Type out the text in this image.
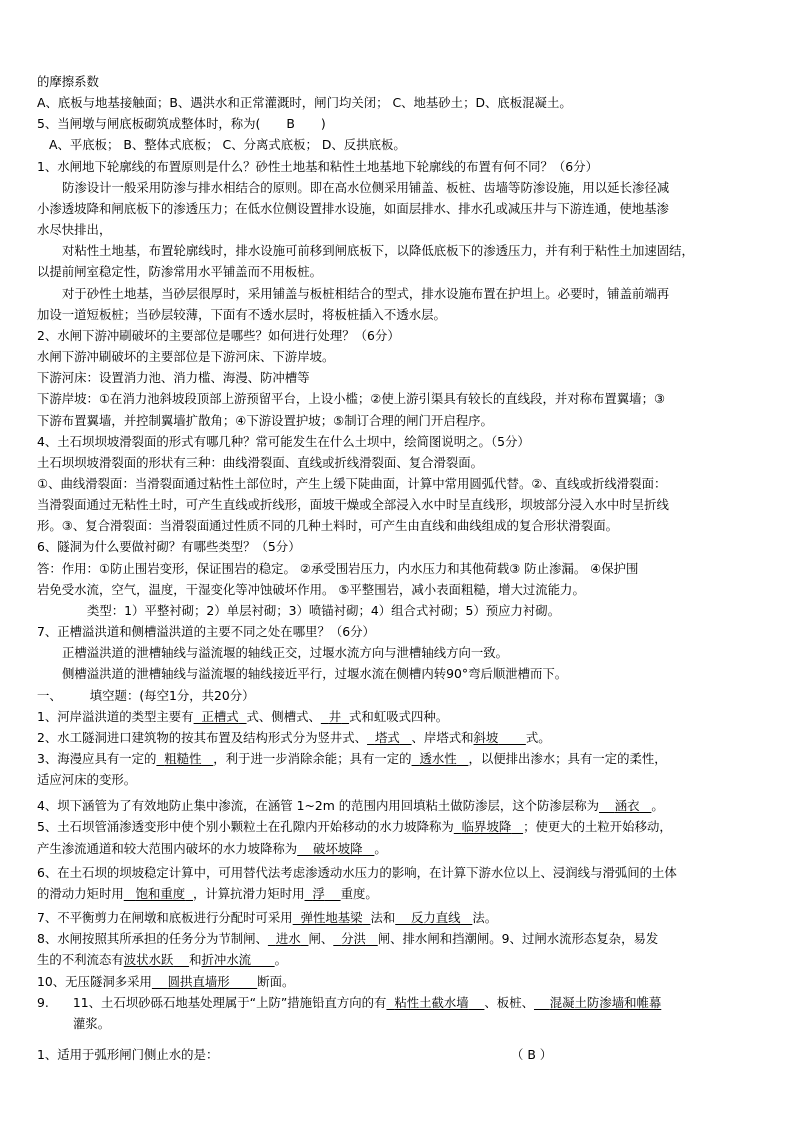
的摩擦系数
A、底板与地基接触面；B、遇洪水和正常灌溉时，闸门均关闭； C、地基砂土；D、底板混凝土。
5、当闸墩与闸底板砌筑成整体时，称为( B )
A、平底板； B、整体式底板； C、分离式底板； D、反拱底板。
1、水闸地下轮廓线的布置原则是什么？砂性土地基和粘性土地基地下轮廓线的布置有何不同？（6分）
防渗设计一般采用防渗与排水相结合的原则。即在高水位侧采用铺盖、板桩、齿墙等防渗设施，用以延长渗径减
小渗透坡降和闸底板下的渗透压力；在低水位侧设置排水设施，如面层排水、排水孔或减压井与下游连通，使地基渗
水尽快排出，
对粘性土地基，布置轮廓线时，排水设施可前移到闸底板下，以降低底板下的渗透压力，并有利于粘性土加速固结，
以提前闸室稳定性，防渗常用水平铺盖而不用板桩。
对于砂性土地基，当砂层很厚时，采用铺盖与板桩相结合的型式，排水设施布置在护坦上。必要时，铺盖前端再
加设一道短板桩；当砂层较薄，下面有不透水层时，将板桩插入不透水层。
2、水闸下游冲刷破坏的主要部位是哪些？如何进行处理？（6分）
水闸下游冲刷破坏的主要部位是下游河床、下游岸坡。
下游河床：设置消力池、消力槛、海漫、防冲槽等
下游岸坡：①在消力池斜坡段顶部上游预留平台，上设小槛；②使上游引渠具有较长的直线段，并对称布置翼墙；③
下游布置翼墙，并控制翼墙扩散角；④下游设置护坡；⑤制订合理的闸门开启程序。
4、土石坝坝坡滑裂面的形式有哪几种？常可能发生在什么土坝中，绘简图说明之。（5分）
土石坝坝坡滑裂面的形状有三种：曲线滑裂面、直线或折线滑裂面、复合滑裂面。
①、曲线滑裂面：当滑裂面通过粘性土部位时，产生上缓下陡曲面，计算中常用圆弧代替。②、直线或折线滑裂面：
当滑裂面通过无粘性土时，可产生直线或折线形，面坡干燥或全部浸入水中时呈直线形，坝坡部分浸入水中时呈折线
形。③、复合滑裂面：当滑裂面通过性质不同的几种土料时，可产生由直线和曲线组成的复合形状滑裂面。
6、隧洞为什么要做衬砌？有哪些类型？（5分）
答：作用：①防止围岩变形，保证围岩的稳定。 ②承受围岩压力，内水压力和其他荷载③ 防止渗漏。 ④保护围
岩免受水流，空气，温度，干湿变化等冲蚀破坏作用。 ⑤平整围岩，减小表面粗糙，增大过流能力。
类型：1）平整衬砌；2）单层衬砌；3）喷锚衬砌；4）组合式衬砌；5）预应力衬砌。
7、正槽溢洪道和侧槽溢洪道的主要不同之处在哪里？（6分）
正槽溢洪道的泄槽轴线与溢流堰的轴线正交，过堰水流方向与泄槽轴线方向一致。
侧槽溢洪道的泄槽轴线与溢流堰的轴线接近平行，过堰水流在侧槽内转90°弯后顺泄槽而下。
一、 填空题：(每空1分，共20分）
1、河岸溢洪道的类型主要有 正槽式 式、侧槽式、 井 式和虹吸式四种。
2、水工隧洞进口建筑物的按其布置及结构形式分为竖井式、 塔式 、岸塔式和斜坡 式。
3、海漫应具有一定的 粗糙性 ，利于进一步消除余能；具有一定的 透水性 ，以便排出渗水；具有一定的柔性，
适应河床的变形。
4、坝下涵管为了有效地防止集中渗流，在涵管 1~2m 的范围内用回填粘土做防渗层，这个防渗层称为 涵衣 。
5、土石坝管涌渗透变形中使个别小颗粒土在孔隙内开始移动的水力坡降称为 临界坡降 ；使更大的土粒开始移动，
产生渗流通道和较大范围内破坏的水力坡降称为 破坏坡降 。
6、在土石坝的坝坡稳定计算中，可用替代法考虑渗透动水压力的影响，在计算下游水位以上、浸润线与滑弧间的土体
的滑动力矩时用 饱和重度 ，计算抗滑力矩时用 浮 重度。
7、不平衡剪力在闸墩和底板进行分配时可采用 弹性地基梁 法和 反力直线 法。
8、水闸按照其所承担的任务分为节制闸、 进水 闸、 分洪 闸、排水闸和挡潮闸。9、过闸水流形态复杂，易发
生的不利流态有波状水跃 和折冲水流 。
10、无压隧洞多采用 圆拱直墙形 断面。
9. 11、土石坝砂砾石地基处理属于“上防”措施铅直方向的有 粘性土截水墙 、板桩、 混凝土防渗墙和帷幕
灌浆。
1、适用于弧形闸门侧止水的是：	（ B ）
